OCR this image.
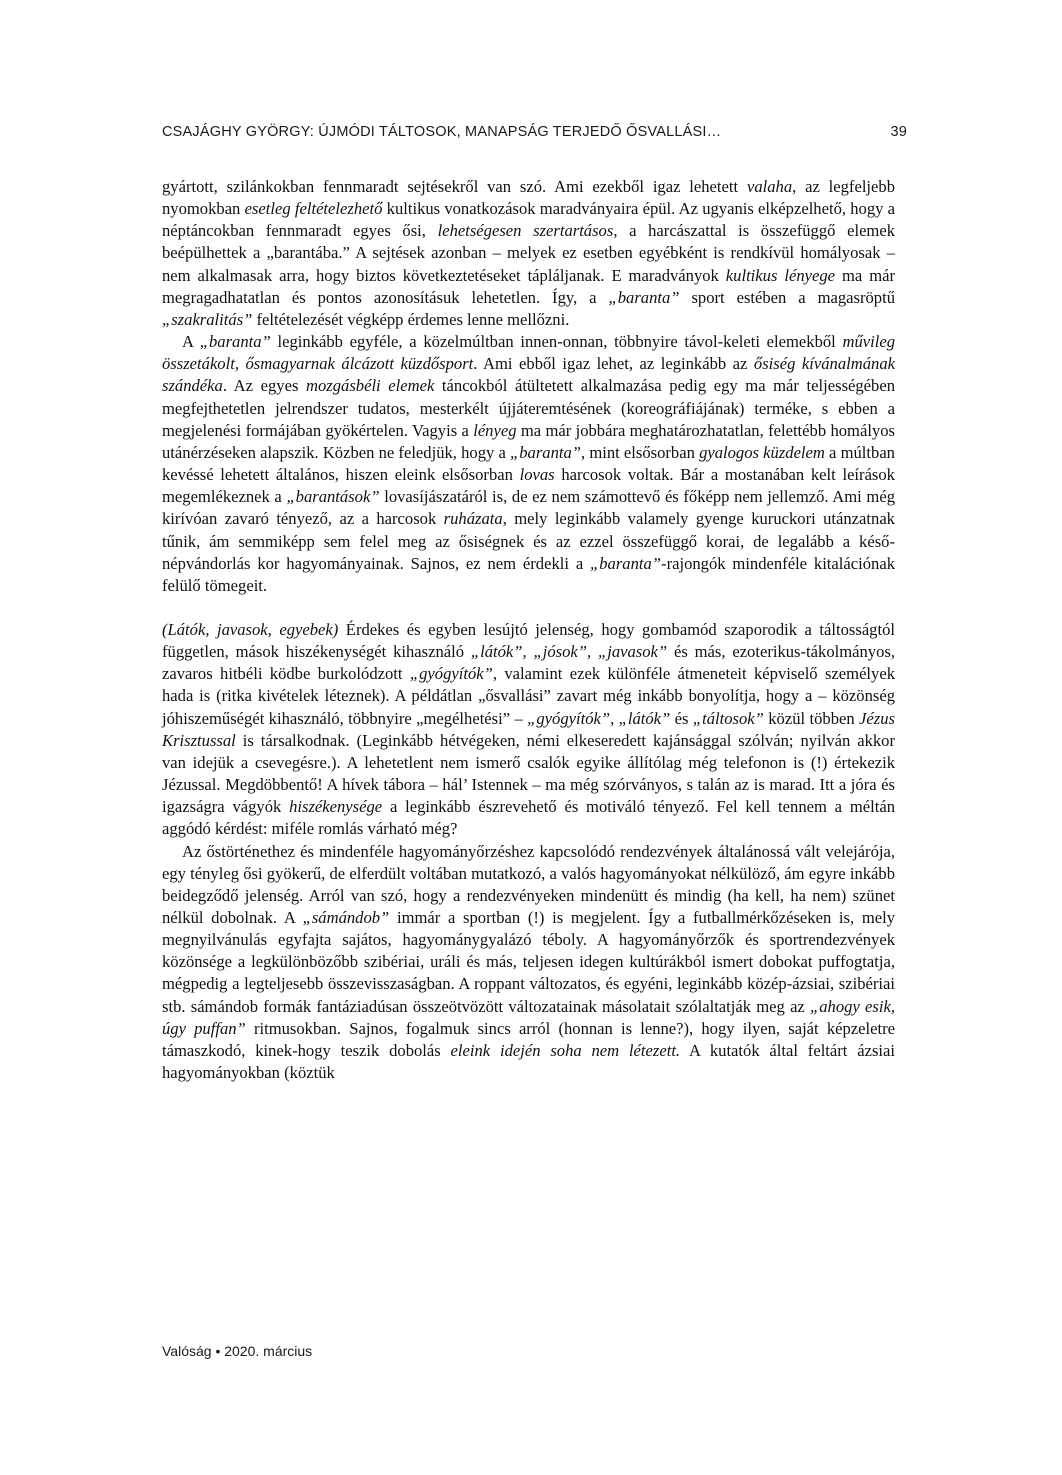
CSAJÁGHY GYÖRGY: ÚJMÓDI TÁLTOSOK, MANAPSÁG TERJEDŐ ŐSVALLÁSI…	39

gyártott, szilánkokban fennmaradt sejtésekről van szó. Ami ezekből igaz lehetett valaha, az legfeljebb nyomokban esetleg feltételezhető kultikus vonatkozások maradványaira épül. Az ugyanis elképzelhető, hogy a néptáncokban fennmaradt egyes ősi, lehetségesen szertartásos, a harcászattal is összefüggő elemek beépülhettek a „barantába.” A sejtések azonban – melyek ez esetben egyébként is rendkívül homályosak – nem alkalmasak arra, hogy biztos következtetéseket tápláljanak. E maradványok kultikus lényege ma már megragadhatatlan és pontos azonosításuk lehetetlen. Így, a „baranta” sport estében a magasröptű „szakralitás” feltételezését végképp érdemes lenne mellőzni.

A „baranta” leginkább egyféle, a közelmúltban innen-onnan, többnyire távol-keleti elemekből művileg összetákolt, ősmagyarnak álcázott küzdősport. Ami ebből igaz lehet, az leginkább az ősiség kívánalmának szándéka. Az egyes mozgásbéli elemek táncokból átültetett alkalmazása pedig egy ma már teljességében megfejthetetlen jelrendszer tudatos, mesterkélt újjáteremtésének (koreográfiájának) terméke, s ebben a megjelenési formájában gyökértelen. Vagyis a lényeg ma már jobbára meghatározhatatlan, felettébb homályos utánérzéseken alapszik. Közben ne feledjük, hogy a „baranta”, mint elsősorban gyalogos küzdelem a múltban kevéssé lehetett általános, hiszen eleink elsősorban lovas harcosok voltak. Bár a mostanában kelt leírások megemlékeznek a „barantások” lovasíjászatáról is, de ez nem számottevő és főképp nem jellemző. Ami még kirívóan zavaró tényező, az a harcosok ruházata, mely leginkább valamely gyenge kuruckori utánzatnak tűnik, ám semmiképp sem felel meg az ősiségnek és az ezzel összefüggő korai, de legalább a késő-népvándorlás kor hagyományainak. Sajnos, ez nem érdekli a „baranta”-rajongók mindenféle kitalációnak felülő tömegeit.

(Látók, javasok, egyebek) Érdekes és egyben lesújtó jelenség, hogy gombamód szaporodik a táltosságtól független, mások hiszékenységét kihasználó „látók”, „jósok”, „javasok” és más, ezoterikus-tákolmányos, zavaros hitbéli ködbe burkolódzott „gyógyítók”, valamint ezek különféle átmeneteit képviselő személyek hada is (ritka kivételek léteznek). A példátlan „ősvallási” zavart még inkább bonyolítja, hogy a – közönség jóhiszeműségét kihasználó, többnyire „megélhetési” – „gyógyítók”, „látók” és „táltosok” közül többen Jézus Krisztussal is társalkodnak. (Leginkább hétvégeken, némi elkeseredett kajánsággal szólván; nyilván akkor van idejük a csevegésre.). A lehetetlent nem ismerő csalók egyike állítólag még telefonon is (!) értekezik Jézussal. Megdöbbentő! A hívek tábora – hál’ Istennek – ma még szórványos, s talán az is marad. Itt a jóra és igazságra vágyók hiszékenysége a leginkább észrevehető és motiváló tényező. Fel kell tennem a méltán aggódó kérdést: miféle romlás várható még?

Az őstörténethez és mindenféle hagyományőrzéshez kapcsolódó rendezvények általánossá vált velejárója, egy tényleg ősi gyökerű, de elferdült voltában mutatkozó, a valós hagyományokat nélkülöző, ám egyre inkább beidegződő jelenség. Arról van szó, hogy a rendezvényeken mindenütt és mindig (ha kell, ha nem) szünet nélkül dobolnak. A „sámándob” immár a sportban (!) is megjelent. Így a futballmérkőzéseken is, mely megnyilvánulás egyfajta sajátos, hagyománygyalázó téboly. A hagyományőrzők és sportrendezvények közönsége a legkülönbözőbb szibériai, uráli és más, teljesen idegen kultúrákból ismert dobokat puffogtatja, mégpedig a legteljesebb összevisszaságban. A roppant változatos, és egyéni, leginkább közép-ázsiai, szibériai stb. sámándob formák fantáziadúsan összeötvözött változatainak másolatait szólaltatják meg az „ahogy esik, úgy puffan” ritmusokban. Sajnos, fogalmuk sincs arról (honnan is lenne?), hogy ilyen, saját képzeletre támaszkodó, kinek-hogy teszik dobolás eleink idején soha nem létezett. A kutatók által feltárt ázsiai hagyományokban (köztük

Valóság • 2020. március
